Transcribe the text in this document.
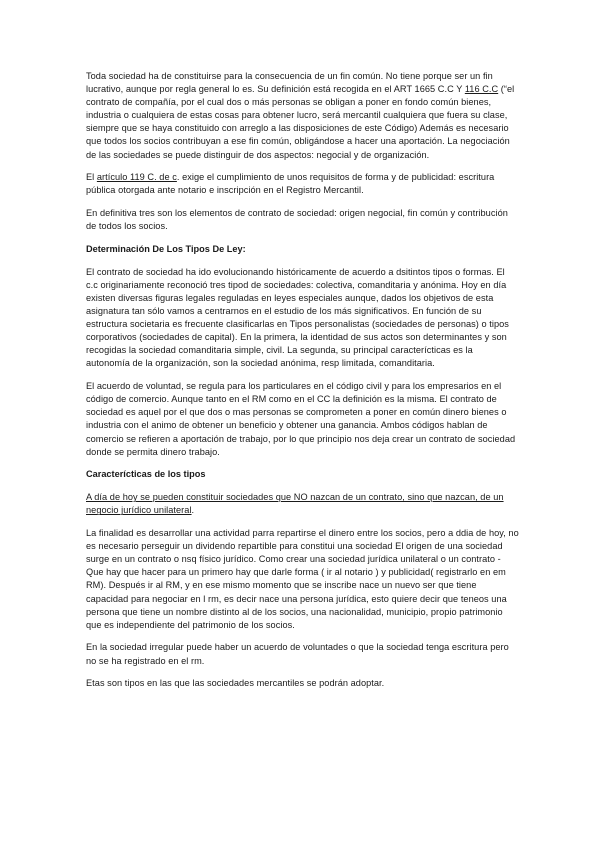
Toda sociedad ha de constituirse para la consecuencia de un fin común. No tiene porque ser un fin lucrativo, aunque por regla general lo es. Su definición está recogida en el ART 1665 C.C Y 116 C.C (“el contrato de compañía, por el cual dos o más personas se obligan a poner en fondo común bienes, industria o cualquiera de estas cosas para obtener lucro, será mercantil cualquiera que fuera su clase, siempre que se haya constituido con arreglo a las disposiciones de este Código) Además es necesario que todos los socios contribuyan a ese fin común, obligándose a hacer una aportación. La negociación de las sociedades se puede distinguir de dos aspectos: negocial y de organización.

El artículo 119 C. de c. exige el cumplimiento de unos requisitos de forma y de publicidad: escritura pública otorgada ante notario e inscripción en el Registro Mercantil.

En definitiva tres son los elementos de contrato de sociedad: origen negocial, fin común y contribución de todos los socios.

Determinación De Los Tipos De Ley:

El contrato de sociedad ha ido evolucionando históricamente de acuerdo a dsitintos tipos o formas. El c.c originariamente reconoció tres tipod de sociedades: colectiva, comanditaria y anónima. Hoy en día existen diversas figuras legales reguladas en leyes especiales aunque, dados los objetivos de esta asignatura tan sólo vamos a centrarnos en el estudio de los más significativos. En función de su estructura societaria es frecuente clasificarlas en Tipos personalistas (sociedades de personas) o tipos corporativos (sociedades de capital). En la primera, la identidad de sus actos son determinantes y son recogidas la sociedad comanditaria simple, civil. La segunda, su principal caracterícticas es la autonomía de la organización, son la sociedad anónima, resp limitada, comanditaria.

El acuerdo de voluntad, se regula para los particulares en el código civil y para los empresarios en el código de comercio. Aunque tanto en el RM como en el CC la definición es la misma. El contrato de sociedad es aquel por el que dos o mas personas se comprometen a poner en común dinero bienes o industria con el animo de obtener un beneficio y obtener una ganancia. Ambos códigos hablan de comercio se refieren a aportación de trabajo, por lo que principio nos deja crear un contrato de sociedad donde se permita dinero trabajo.

Caracterícticas de los tipos

A día de hoy se pueden constituir sociedades que NO nazcan de un contrato, sino que nazcan, de un negocio jurídico unilateral.

La finalidad es desarrollar una actividad parra repartirse el dinero entre los socios, pero a ddia de hoy, no es necesario perseguir un dividendo repartible para constitui una sociedad El origen de una sociedad surge en un contrato o nsq físico jurídico. Como crear una sociedad jurídica unilateral o un contrato - Que hay que hacer para un primero hay que darle forma ( ir al notario ) y publicidad( registrarlo en em RM). Después ir al RM, y en ese mismo momento que se inscribe nace un nuevo ser que tiene capacidad para negociar en l rm, es decir nace una persona jurídica, esto quiere decir que teneos una persona que tiene un nombre distinto al de los socios, una nacionalidad, municipio, propio patrimonio que es independiente del patrimonio de los socios.

En la sociedad irregular puede haber un acuerdo de voluntades o que la sociedad tenga escritura pero no se ha registrado en el rm.

Etas son tipos en las que las sociedades mercantiles se podrán adoptar.
